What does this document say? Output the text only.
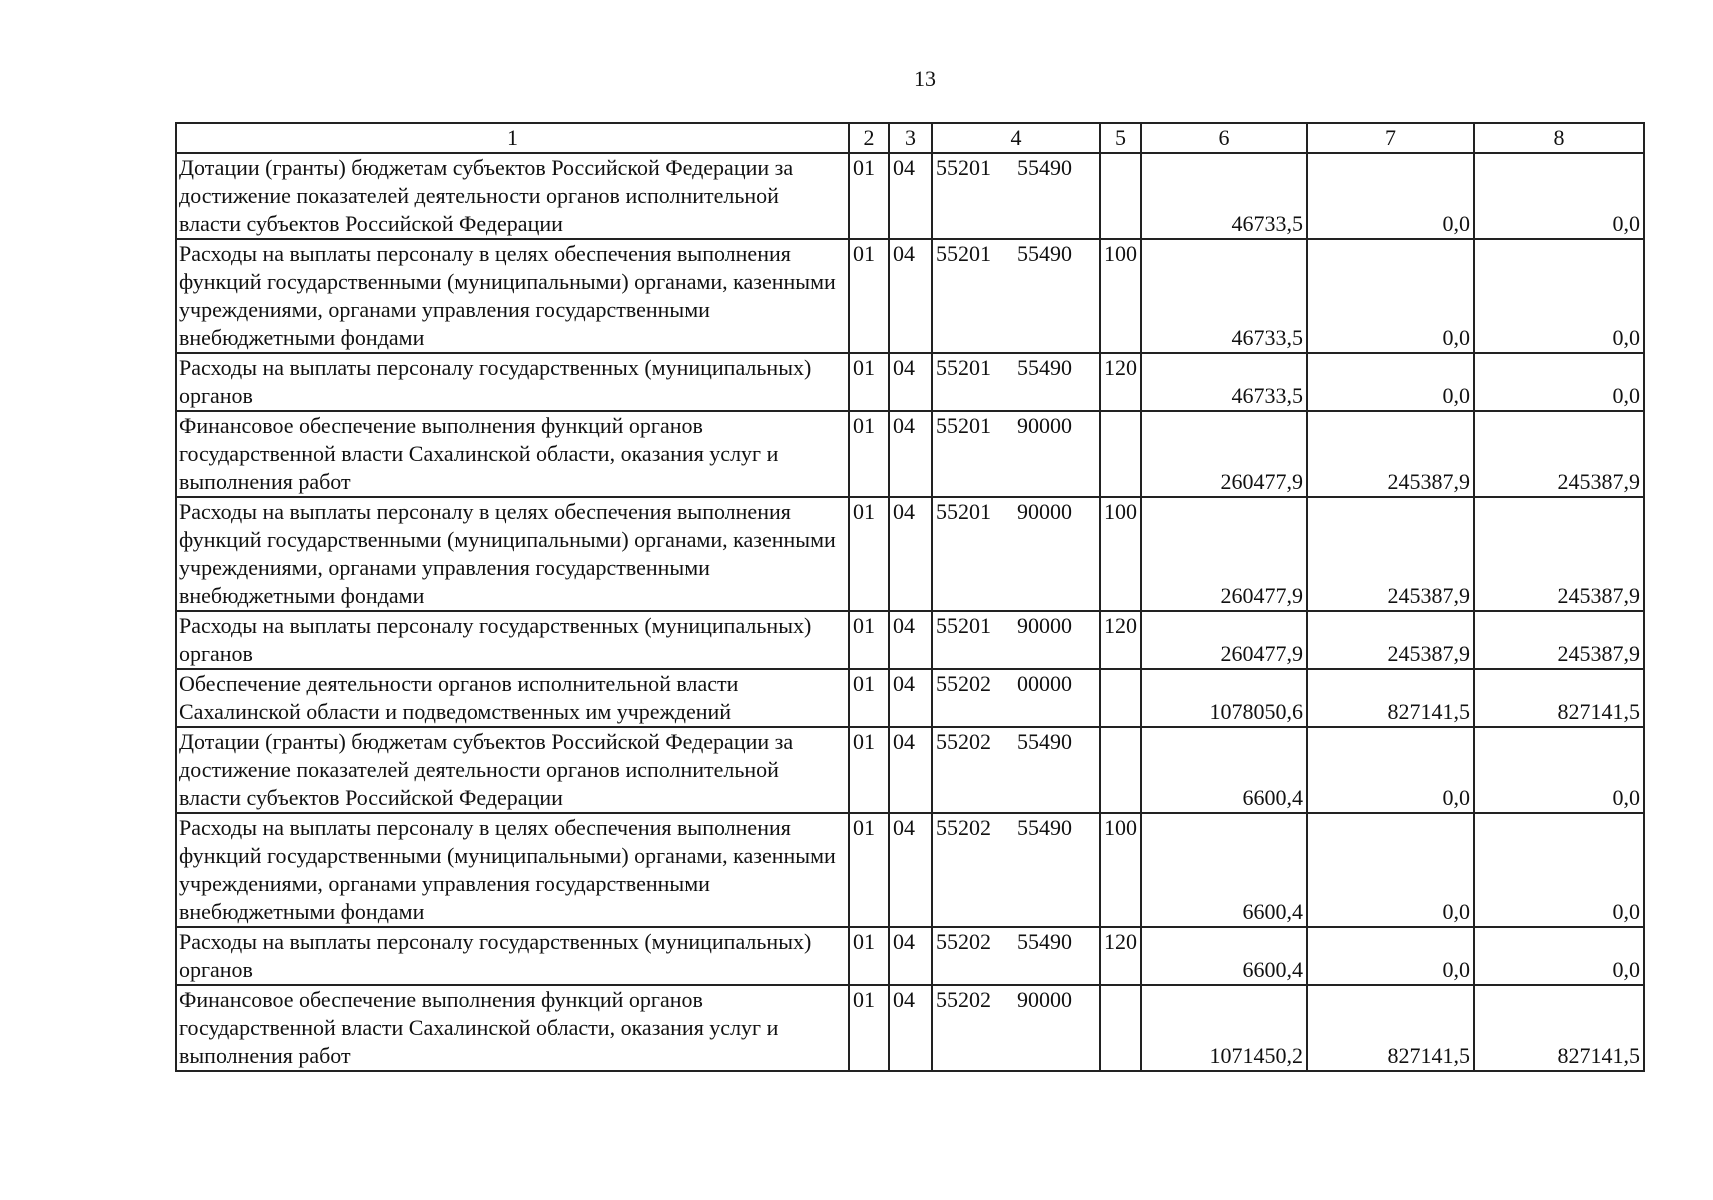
13
1	2	3	4	5	6	7	8
Дотации (гранты) бюджетам субъектов Российской Федерации за достижение показателей деятельности органов исполнительной власти субъектов Российской Федерации	01	04	55201 55490		46733,5	0,0	0,0
Расходы на выплаты персоналу в целях обеспечения выполнения функций государственными (муниципальными) органами, казенными учреждениями, органами управления государственными внебюджетными фондами	01	04	55201 55490	100	46733,5	0,0	0,0
Расходы на выплаты персоналу государственных (муниципальных) органов	01	04	55201 55490	120	46733,5	0,0	0,0
Финансовое обеспечение выполнения функций органов государственной власти Сахалинской области, оказания услуг и выполнения работ	01	04	55201 90000		260477,9	245387,9	245387,9
Расходы на выплаты персоналу в целях обеспечения выполнения функций государственными (муниципальными) органами, казенными учреждениями, органами управления государственными внебюджетными фондами	01	04	55201 90000	100	260477,9	245387,9	245387,9
Расходы на выплаты персоналу государственных (муниципальных) органов	01	04	55201 90000	120	260477,9	245387,9	245387,9
Обеспечение деятельности органов исполнительной власти Сахалинской области и подведомственных им учреждений	01	04	55202 00000		1078050,6	827141,5	827141,5
Дотации (гранты) бюджетам субъектов Российской Федерации за достижение показателей деятельности органов исполнительной власти субъектов Российской Федерации	01	04	55202 55490		6600,4	0,0	0,0
Расходы на выплаты персоналу в целях обеспечения выполнения функций государственными (муниципальными) органами, казенными учреждениями, органами управления государственными внебюджетными фондами	01	04	55202 55490	100	6600,4	0,0	0,0
Расходы на выплаты персоналу государственных (муниципальных) органов	01	04	55202 55490	120	6600,4	0,0	0,0
Финансовое обеспечение выполнения функций органов государственной власти Сахалинской области, оказания услуг и выполнения работ	01	04	55202 90000		1071450,2	827141,5	827141,5
